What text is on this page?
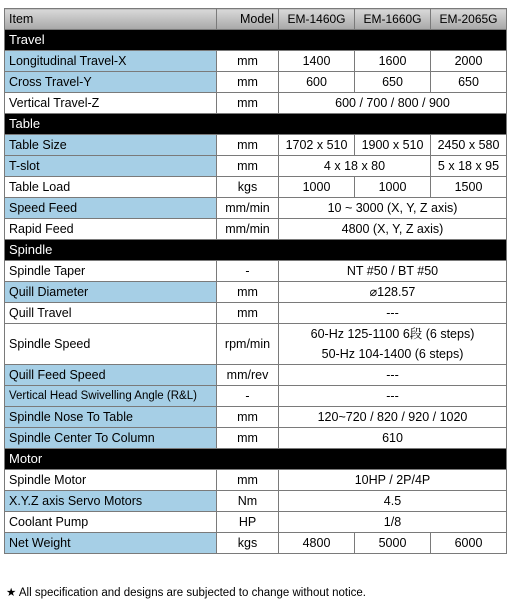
Item	Model	EM-1460G	EM-1660G	EM-2065G
Travel				
Longitudinal Travel-X	mm	1400	1600	2000
Cross Travel-Y	mm	600	650	650
Vertical Travel-Z	mm	600 / 700 / 800 / 900		
Table				
Table Size	mm	1702 x 510	1900 x 510	2450 x 580
T-slot	mm	4 x 18 x 80		5 x 18 x 95
Table Load	kgs	1000	1000	1500
Speed Feed	mm/min	10 ~ 3000 (X, Y, Z axis)		
Rapid Feed	mm/min	4800 (X, Y, Z axis)		
Spindle				
Spindle Taper	-	NT #50 / BT #50		
Quill Diameter	mm	⌀128.57		
Quill Travel	mm	---		
Spindle Speed	rpm/min	60-Hz 125-1100 6段 (6 steps)
50-Hz 104-1400 (6 steps)		

Quill Feed Speed	mm/rev	---		
Vertical Head Swivelling Angle (R&L)	-	---		
Spindle Nose To Table	mm	120~720 / 820 / 920 / 1020		
Spindle Center To Column	mm	610		
Motor				
Spindle Motor	mm	10HP / 2P/4P		
X.Y.Z axis Servo Motors	Nm	4.5		
Coolant Pump	HP	1/8		
Net Weight	kgs	4800	5000	6000
★ All specification and designs are subjected to change without notice.
